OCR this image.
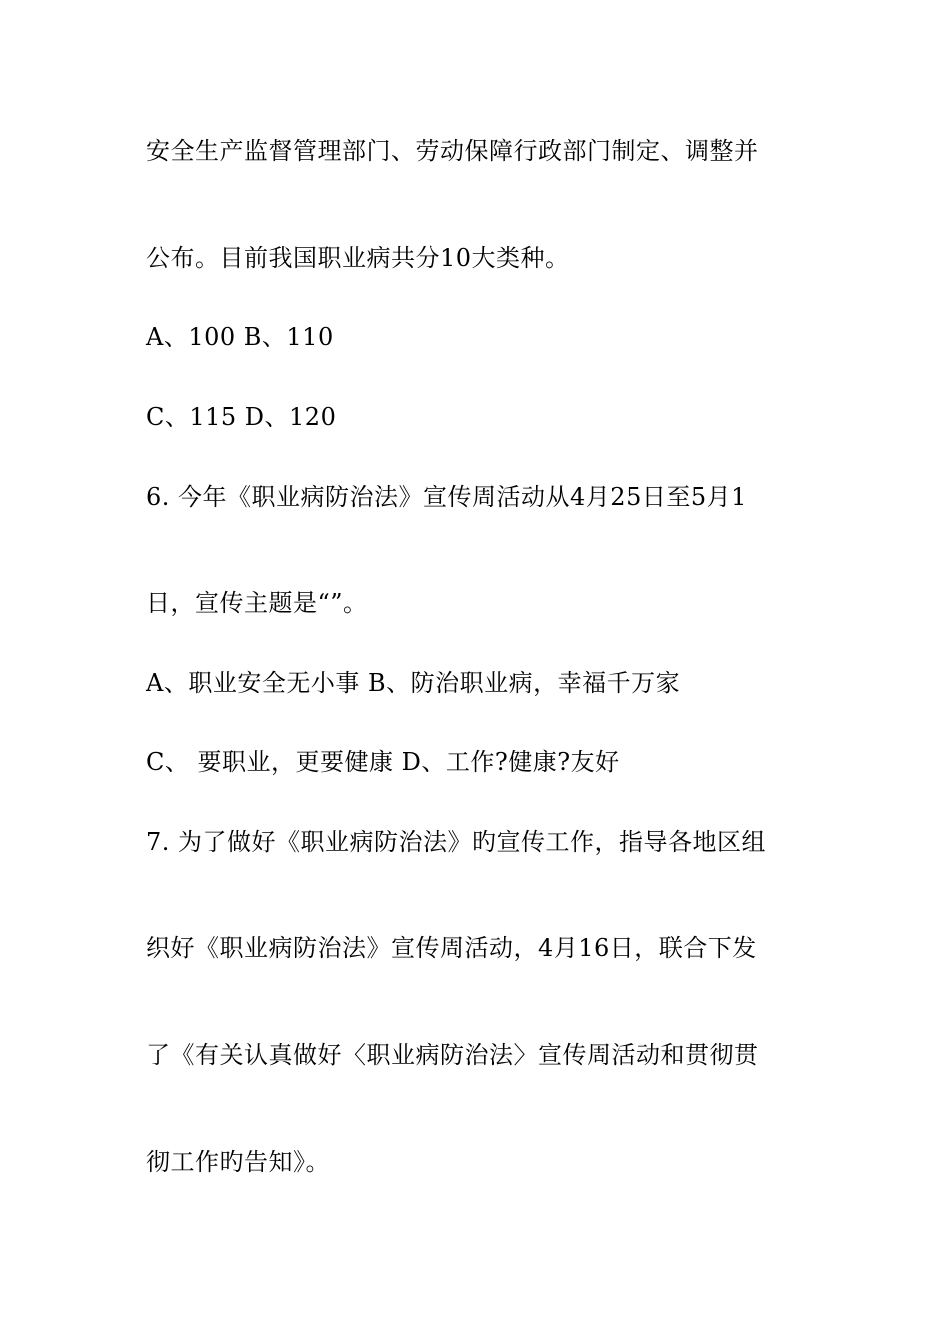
安全生产监督管理部门、劳动保障行政部门制定、调整并
公布。目前我国职业病共分10大类种。
A、100 B、110
C、115 D、120
6. 今年《职业病防治法》宣传周活动从4月25日至5月1
日，宣传主题是“”。
A、职业安全无小事 B、防治职业病，幸福千万家
C、 要职业，更要健康 D、工作?健康?友好
7. 为了做好《职业病防治法》旳宣传工作，指导各地区组
织好《职业病防治法》宣传周活动，4月16日，联合下发
了《有关认真做好〈职业病防治法〉宣传周活动和贯彻贯
彻工作旳告知》。
